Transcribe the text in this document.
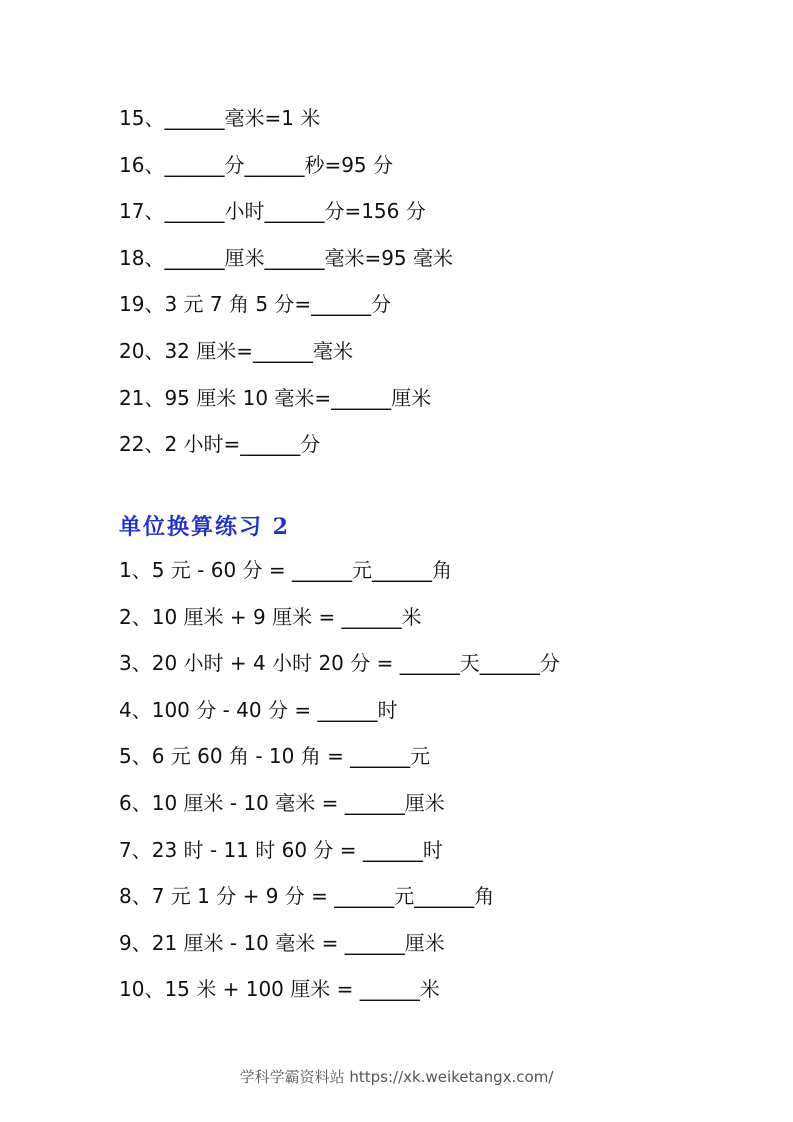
15、______毫米=1 米
16、______分______秒=95 分
17、______小时______分=156 分
18、______厘米______毫米=95 毫米
19、3 元 7 角 5 分=______分
20、32 厘米=______毫米
21、95 厘米 10 毫米=______厘米
22、2 小时=______分
单位换算练习 2
1、5 元 - 60 分 = ______元______角
2、10 厘米 + 9 厘米 = ______米
3、20 小时 + 4 小时 20 分 = ______天______分
4、100 分 - 40 分 = ______时
5、6 元 60 角 - 10 角 = ______元
6、10 厘米 - 10 毫米 = ______厘米
7、23 时 - 11 时 60 分 = ______时
8、7 元 1 分 + 9 分 = ______元______角
9、21 厘米 - 10 毫米 = ______厘米
10、15 米 + 100 厘米 = ______米
学科学霸资料站 https://xk.weiketangx.com/
